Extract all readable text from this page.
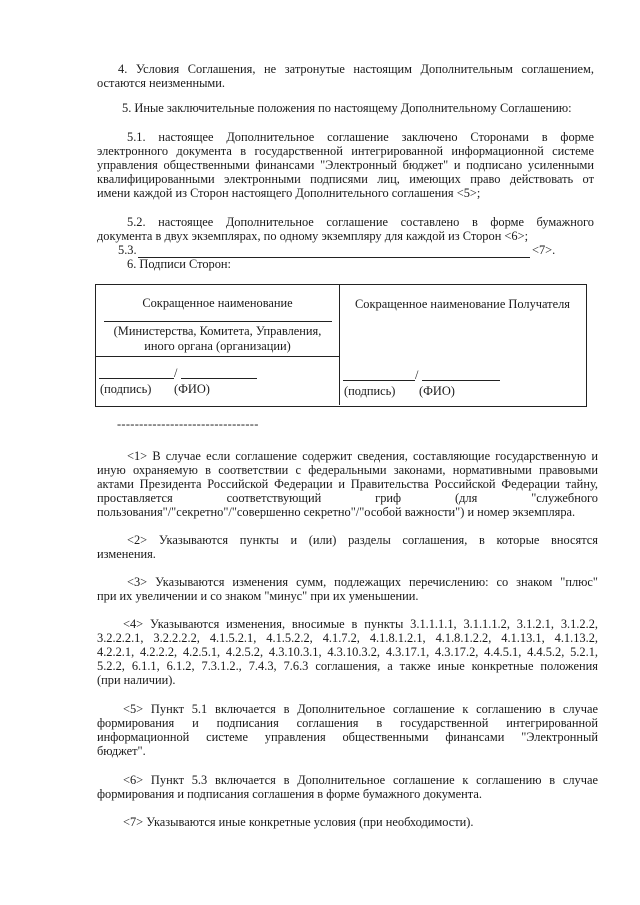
4. Условия Соглашения, не затронутые настоящим Дополнительным соглашением,
остаются неизменными.
5. Иные заключительные положения по настоящему Дополнительному Соглашению:
5.1. настоящее Дополнительное соглашение заключено Сторонами в форме
электронного документа в государственной интегрированной информационной системе
управления общественными финансами "Электронный бюджет" и подписано усиленными
квалифицированными электронными подписями лиц, имеющих право действовать от
имени каждой из Сторон настоящего Дополнительного соглашения <5>;
5.2. настоящее Дополнительное соглашение составлено в форме бумажного
документа в двух экземплярах, по одному экземпляру для каждой из Сторон <6>;
5.3.	<7>.
6. Подписи Сторон:
Сокращенное наименование
(Министерства, Комитета, Управления,
иного органа (организации)
Сокращенное наименование Получателя
/
(подпись) (ФИО)
/
(подпись) (ФИО)
--------------------------------
<1> В случае если соглашение содержит сведения, составляющие государственную и
иную охраняемую в соответствии с федеральными законами, нормативными правовыми
актами Президента Российской Федерации и Правительства Российской Федерации тайну,
проставляется соответствующий гриф (для "служебного
пользования"/"секретно"/"совершенно секретно"/"особой важности") и номер экземпляра.
<2> Указываются пункты и (или) разделы соглашения, в которые вносятся
изменения.
<3> Указываются изменения сумм, подлежащих перечислению: со знаком "плюс"
при их увеличении и со знаком "минус" при их уменьшении.
<4> Указываются изменения, вносимые в пункты 3.1.1.1.1, 3.1.1.1.2, 3.1.2.1, 3.1.2.2,
3.2.2.2.1, 3.2.2.2.2, 4.1.5.2.1, 4.1.5.2.2, 4.1.7.2, 4.1.8.1.2.1, 4.1.8.1.2.2, 4.1.13.1, 4.1.13.2,
4.2.2.1, 4.2.2.2, 4.2.5.1, 4.2.5.2, 4.3.10.3.1, 4.3.10.3.2, 4.3.17.1, 4.3.17.2, 4.4.5.1, 4.4.5.2, 5.2.1,
5.2.2, 6.1.1, 6.1.2, 7.3.1.2., 7.4.3, 7.6.3 соглашения, а также иные конкретные положения
(при наличии).
<5> Пункт 5.1 включается в Дополнительное соглашение к соглашению в случае
формирования и подписания соглашения в государственной интегрированной
информационной системе управления общественными финансами "Электронный
бюджет".
<6> Пункт 5.3 включается в Дополнительное соглашение к соглашению в случае
формирования и подписания соглашения в форме бумажного документа.
<7> Указываются иные конкретные условия (при необходимости).
